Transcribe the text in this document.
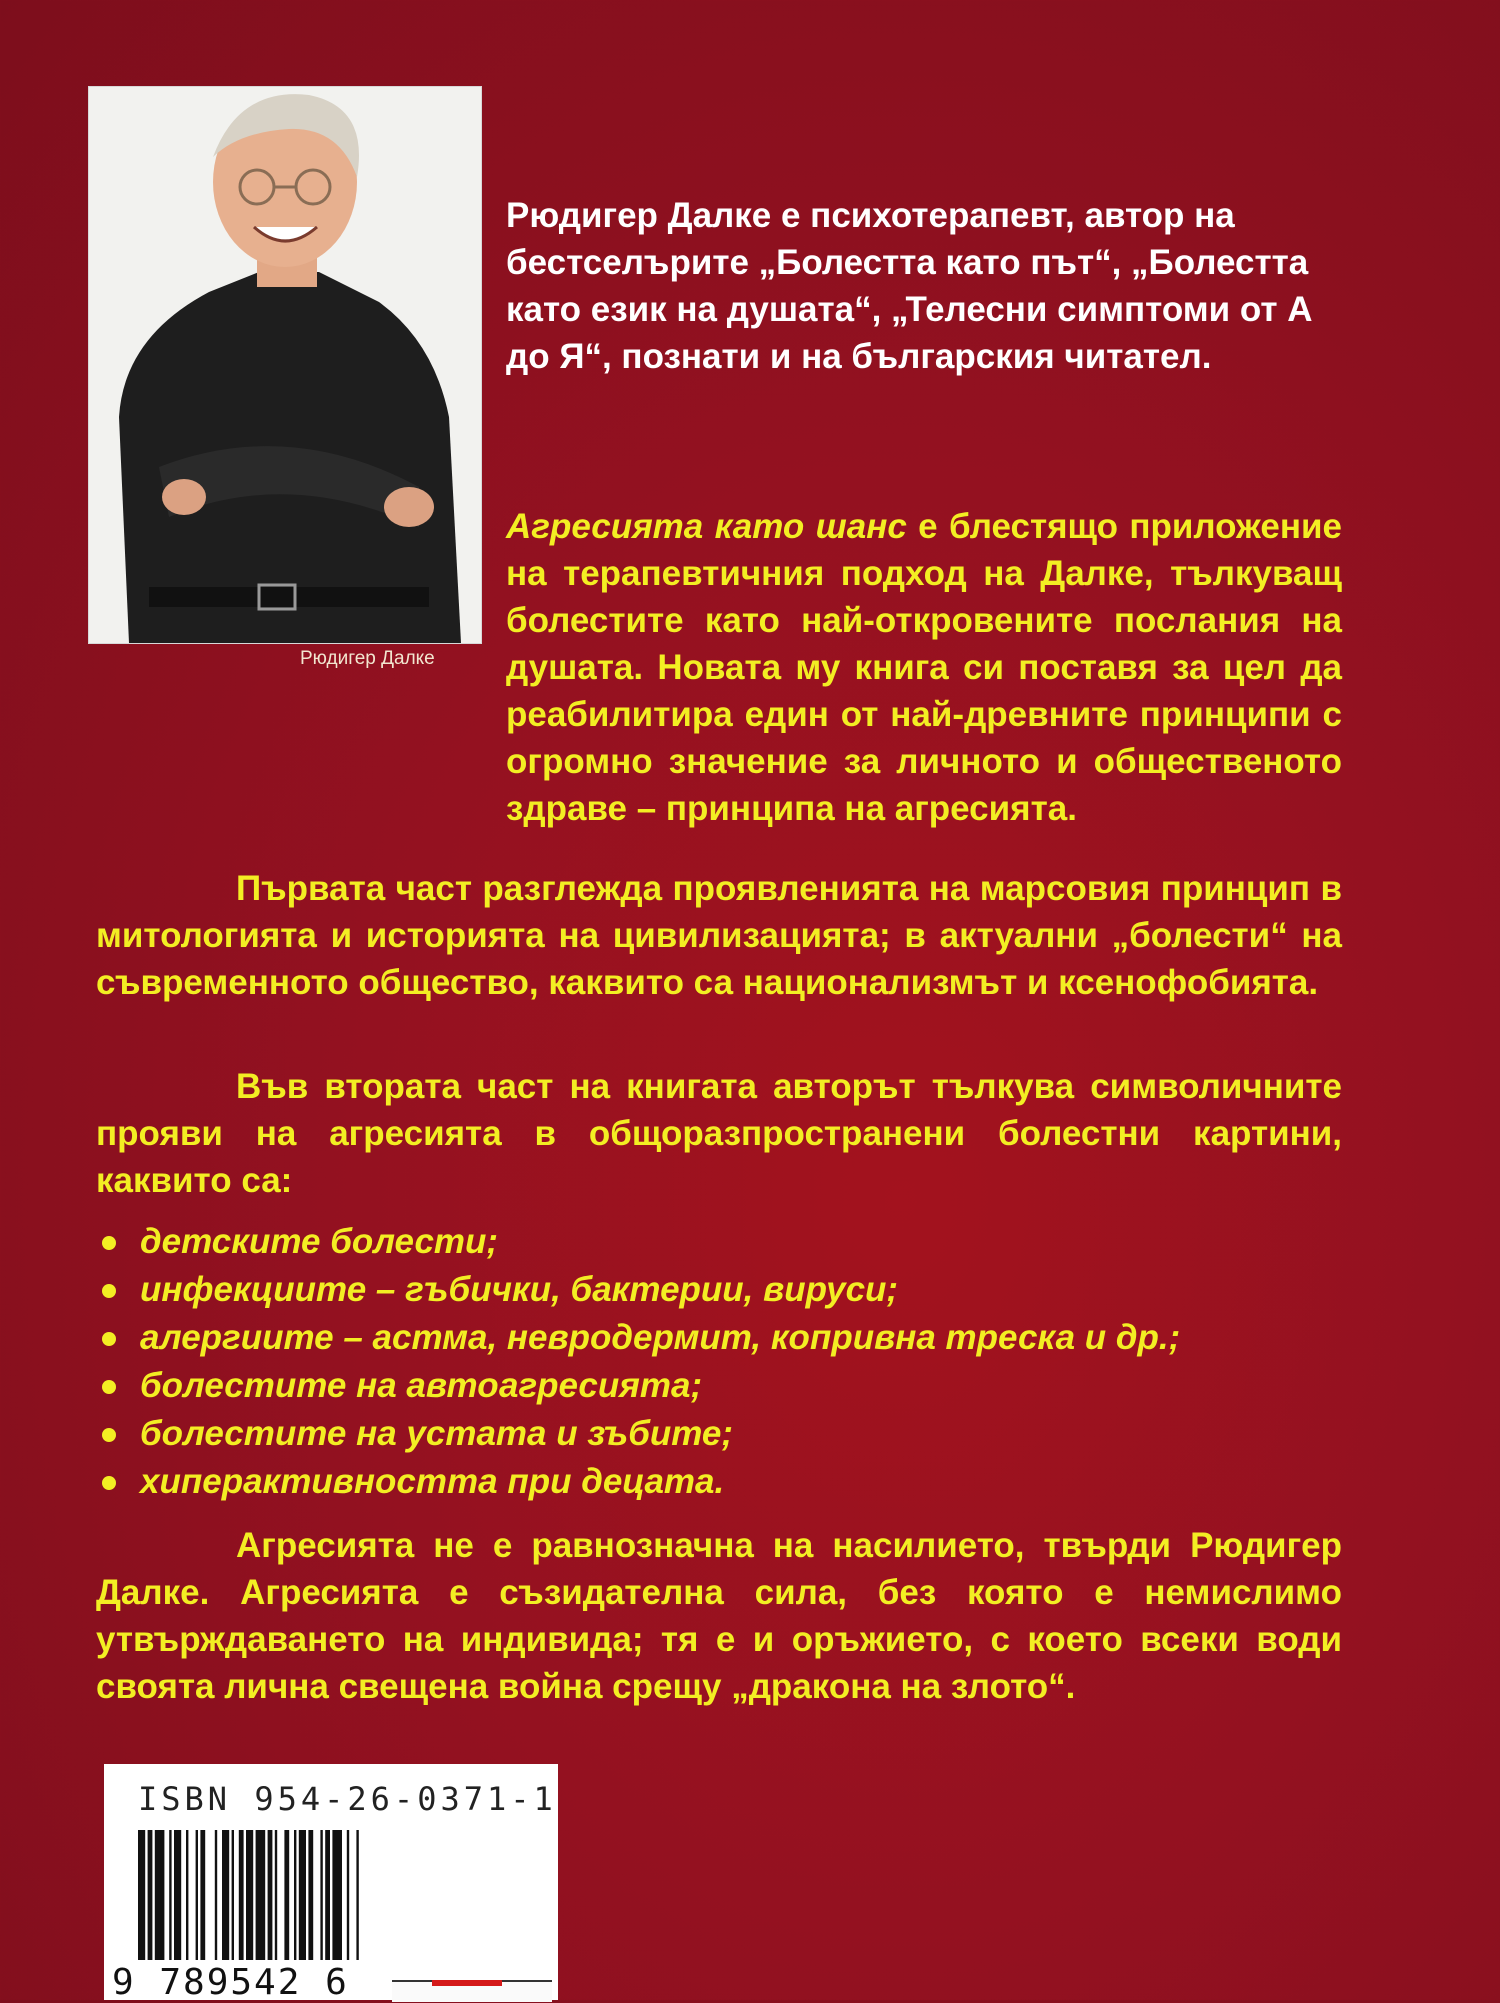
Рюдигер Далке
Рюдигер Далке е психотерапевт, автор на бестселърите „Болестта като път“, „Болестта като език на душата“, „Телесни симптоми от А до Я“, познати и на българския читател.
Агресията като шанс е блестящо приложение на терапевтичния подход на Далке, тълкуващ болестите като най-откровените послания на душата. Новата му книга си поставя за цел да реабилитира един от най-древните принципи с огромно значение за личното и общественото здраве – принципа на агресията.
Първата част разглежда проявленията на марсовия принцип в митологията и историята на цивилизацията; в актуални „болести“ на съвременното общество, каквито са национализмът и ксенофобията.
Във втората част на книгата авторът тълкува символичните прояви на агресията в общоразпространени болестни картини, каквито са:
детските болести;
инфекциите – гъбички, бактерии, вируси;
алергиите – астма, невродермит, копривна треска и др.;
болестите на автоагресията;
болестите на устата и зъбите;
хиперактивността при децата.
Агресията не е равнозначна на насилието, твърди Рюдигер Далке. Агресията е съзидателна сила, без която е немислимо утвърждаването на индивида; тя е и оръжието, с което всеки води своята лична свещена война срещу „дракона на злото“.
ISBN 954-26-0371-1
9 789542 6
